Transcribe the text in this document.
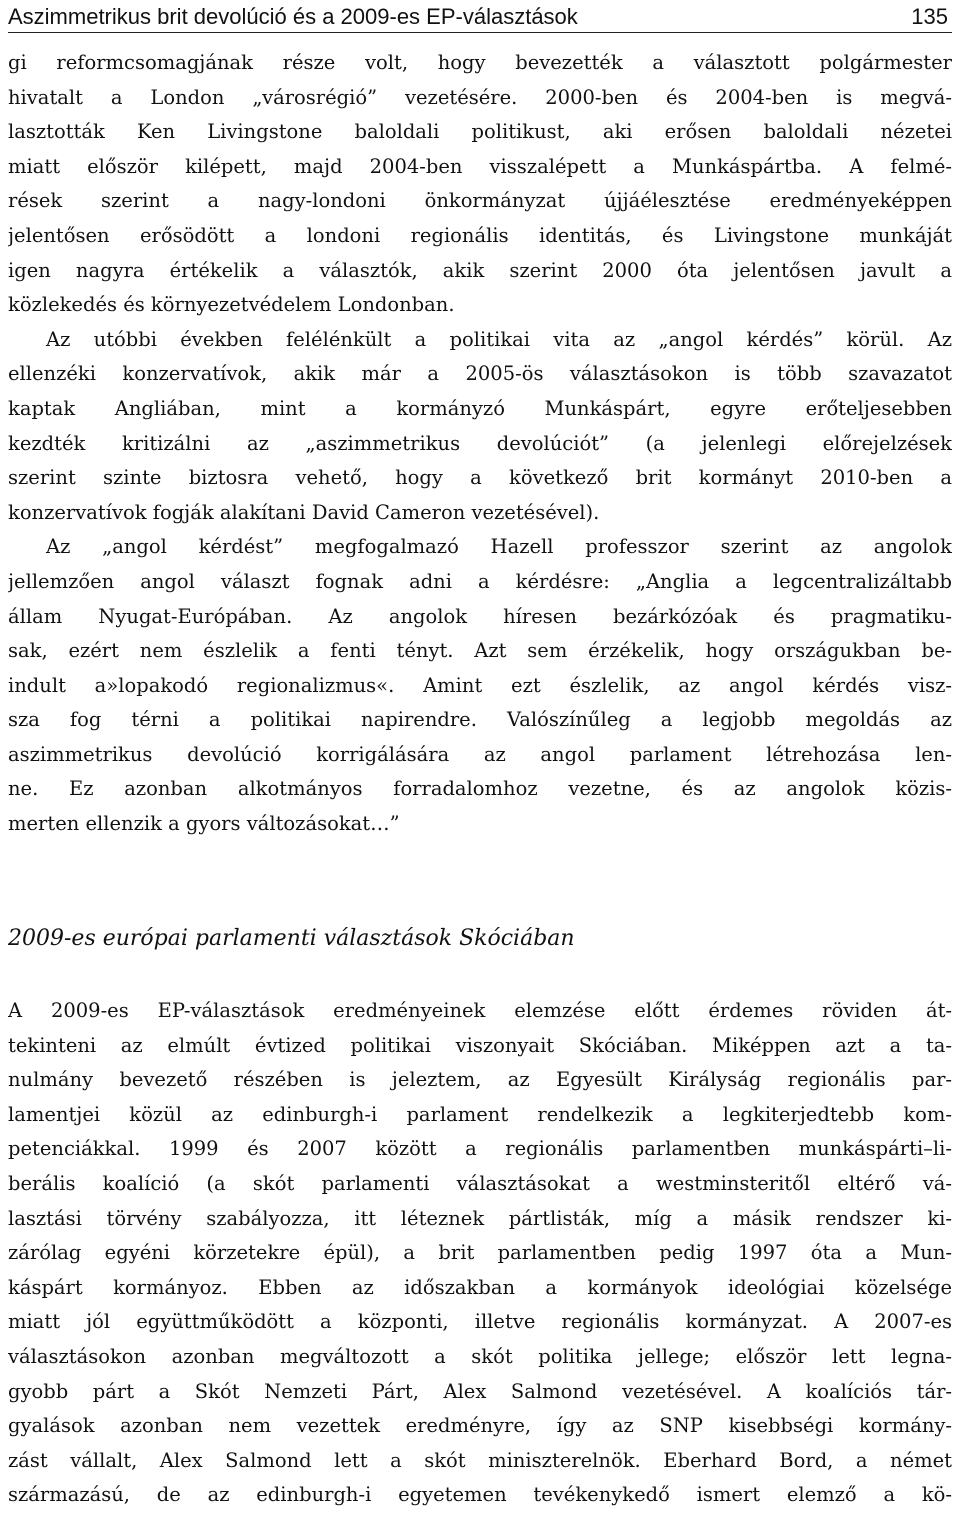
Aszimmetrikus brit devolúció és a 2009-es EP-választások	135

gi reformcsomagjának része volt, hogy bevezették a választott polgármester
hivatalt a London „városrégió” vezetésére. 2000-ben és 2004-ben is megvá-
lasztották Ken Livingstone baloldali politikust, aki erősen baloldali nézetei
miatt először kilépett, majd 2004-ben visszalépett a Munkáspártba. A felmé-
rések szerint a nagy-londoni önkormányzat újjáélesztése eredményeképpen
jelentősen erősödött a londoni regionális identitás, és Livingstone munkáját
igen nagyra értékelik a választók, akik szerint 2000 óta jelentősen javult a
közlekedés és környezetvédelem Londonban.

Az utóbbi években felélénkült a politikai vita az „angol kérdés” körül. Az
ellenzéki konzervatívok, akik már a 2005-ös választásokon is több szavazatot
kaptak Angliában, mint a kormányzó Munkáspárt, egyre erőteljesebben
kezdték kritizálni az „aszimmetrikus devolúciót” (a jelenlegi előrejelzések
szerint szinte biztosra vehető, hogy a következő brit kormányt 2010-ben a
konzervatívok fogják alakítani David Cameron vezetésével).

Az „angol kérdést” megfogalmazó Hazell professzor szerint az angolok
jellemzően angol választ fognak adni a kérdésre: „Anglia a legcentralizáltabb
állam Nyugat-Európában. Az angolok híresen bezárkózóak és pragmatiku-
sak, ezért nem észlelik a fenti tényt. Azt sem érzékelik, hogy országukban be-
indult a»lopakodó regionalizmus«. Amint ezt észlelik, az angol kérdés visz-
sza fog térni a politikai napirendre. Valószínűleg a legjobb megoldás az
aszimmetrikus devolúció korrigálására az angol parlament létrehozása len-
ne. Ez azonban alkotmányos forradalomhoz vezetne, és az angolok közis-
merten ellenzik a gyors változásokat…”

2009-es európai parlamenti választások Skóciában

A 2009-es EP-választások eredményeinek elemzése előtt érdemes röviden át-
tekinteni az elmúlt évtized politikai viszonyait Skóciában. Miképpen azt a ta-
nulmány bevezető részében is jeleztem, az Egyesült Királyság regionális par-
lamentjei közül az edinburgh-i parlament rendelkezik a legkiterjedtebb kom-
petenciákkal. 1999 és 2007 között a regionális parlamentben munkáspárti–li-
berális koalíció (a skót parlamenti választásokat a westminsteritől eltérő vá-
lasztási törvény szabályozza, itt léteznek pártlisták, míg a másik rendszer ki-
zárólag egyéni körzetekre épül), a brit parlamentben pedig 1997 óta a Mun-
káspárt kormányoz. Ebben az időszakban a kormányok ideológiai közelsége
miatt jól együttműködött a központi, illetve regionális kormányzat. A 2007-es
választásokon azonban megváltozott a skót politika jellege; először lett legna-
gyobb párt a Skót Nemzeti Párt, Alex Salmond vezetésével. A koalíciós tár-
gyalások azonban nem vezettek eredményre, így az SNP kisebbségi kormány-
zást vállalt, Alex Salmond lett a skót miniszterelnök. Eberhard Bord, a német
származású, de az edinburgh-i egyetemen tevékenykedő ismert elemző a kö-
